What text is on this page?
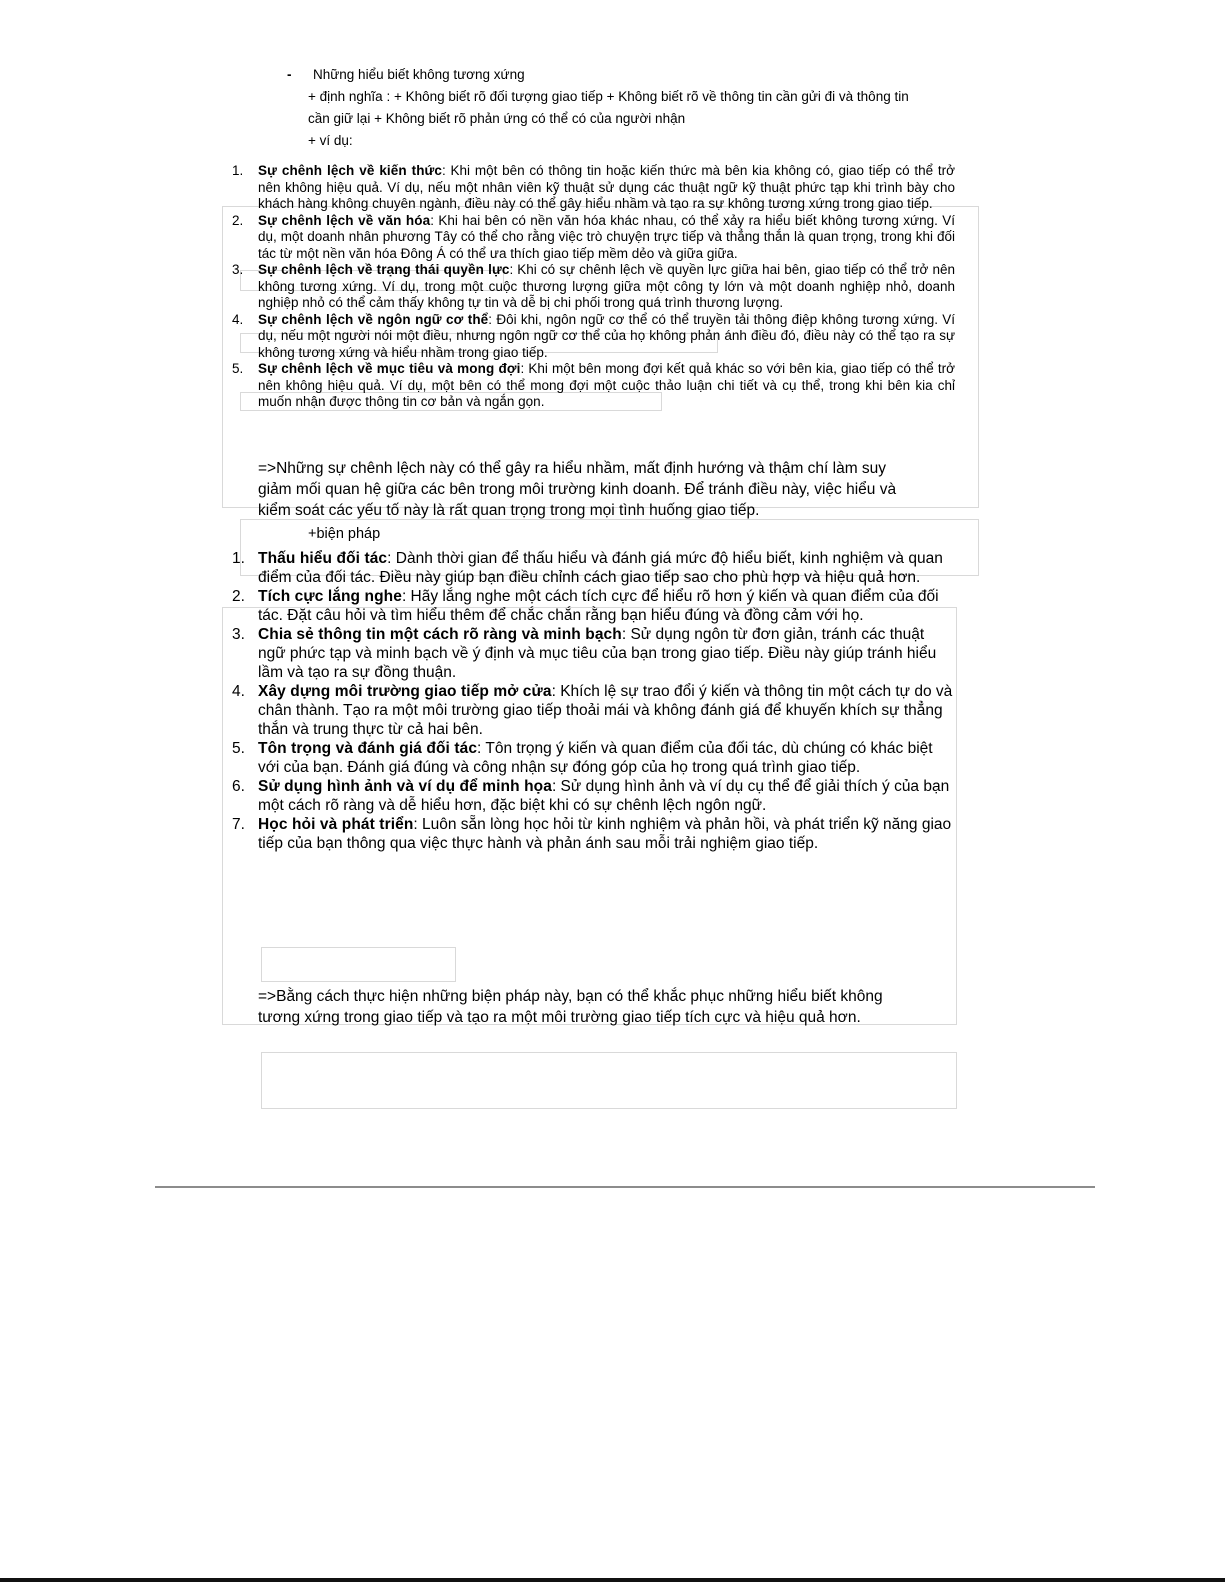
-	Những hiểu biết không tương xứng
+ định nghĩa : + Không biết rõ đối tượng giao tiếp + Không biết rõ về thông tin cần gửi đi và thông tin cần giữ lại + Không biết rõ phản ứng có thể có của người nhận
+ ví dụ:
1. Sự chênh lệch về kiến thức: Khi một bên có thông tin hoặc kiến thức mà bên kia không có, giao tiếp có thể trở nên không hiệu quả. Ví dụ, nếu một nhân viên kỹ thuật sử dụng các thuật ngữ kỹ thuật phức tạp khi trình bày cho khách hàng không chuyên ngành, điều này có thể gây hiểu nhầm và tạo ra sự không tương xứng trong giao tiếp.
2. Sự chênh lệch về văn hóa: Khi hai bên có nền văn hóa khác nhau, có thể xảy ra hiểu biết không tương xứng. Ví dụ, một doanh nhân phương Tây có thể cho rằng việc trò chuyện trực tiếp và thẳng thắn là quan trọng, trong khi đối tác từ một nền văn hóa Đông Á có thể ưa thích giao tiếp mềm dẻo và giữa giữa.
3. Sự chênh lệch về trạng thái quyền lực: Khi có sự chênh lệch về quyền lực giữa hai bên, giao tiếp có thể trở nên không tương xứng. Ví dụ, trong một cuộc thương lượng giữa một công ty lớn và một doanh nghiệp nhỏ, doanh nghiệp nhỏ có thể cảm thấy không tự tin và dễ bị chi phối trong quá trình thương lượng.
4. Sự chênh lệch về ngôn ngữ cơ thể: Đôi khi, ngôn ngữ cơ thể có thể truyền tải thông điệp không tương xứng. Ví dụ, nếu một người nói một điều, nhưng ngôn ngữ cơ thể của họ không phản ánh điều đó, điều này có thể tạo ra sự không tương xứng và hiểu nhầm trong giao tiếp.
5. Sự chênh lệch về mục tiêu và mong đợi: Khi một bên mong đợi kết quả khác so với bên kia, giao tiếp có thể trở nên không hiệu quả. Ví dụ, một bên có thể mong đợi một cuộc thảo luận chi tiết và cụ thể, trong khi bên kia chỉ muốn nhận được thông tin cơ bản và ngắn gọn.
=>Những sự chênh lệch này có thể gây ra hiểu nhầm, mất định hướng và thậm chí làm suy giảm mối quan hệ giữa các bên trong môi trường kinh doanh. Để tránh điều này, việc hiểu và kiểm soát các yếu tố này là rất quan trọng trong mọi tình huống giao tiếp.
+biện pháp
1. Thấu hiểu đối tác: Dành thời gian để thấu hiểu và đánh giá mức độ hiểu biết, kinh nghiệm và quan điểm của đối tác. Điều này giúp bạn điều chỉnh cách giao tiếp sao cho phù hợp và hiệu quả hơn.
2. Tích cực lắng nghe: Hãy lắng nghe một cách tích cực để hiểu rõ hơn ý kiến và quan điểm của đối tác. Đặt câu hỏi và tìm hiểu thêm để chắc chắn rằng bạn hiểu đúng và đồng cảm với họ.
3. Chia sẻ thông tin một cách rõ ràng và minh bạch: Sử dụng ngôn từ đơn giản, tránh các thuật ngữ phức tạp và minh bạch về ý định và mục tiêu của bạn trong giao tiếp. Điều này giúp tránh hiểu lầm và tạo ra sự đồng thuận.
4. Xây dựng môi trường giao tiếp mở cửa: Khích lệ sự trao đổi ý kiến và thông tin một cách tự do và chân thành. Tạo ra một môi trường giao tiếp thoải mái và không đánh giá để khuyến khích sự thẳng thắn và trung thực từ cả hai bên.
5. Tôn trọng và đánh giá đối tác: Tôn trọng ý kiến và quan điểm của đối tác, dù chúng có khác biệt với của bạn. Đánh giá đúng và công nhận sự đóng góp của họ trong quá trình giao tiếp.
6. Sử dụng hình ảnh và ví dụ để minh họa: Sử dụng hình ảnh và ví dụ cụ thể để giải thích ý của bạn một cách rõ ràng và dễ hiểu hơn, đặc biệt khi có sự chênh lệch ngôn ngữ.
7. Học hỏi và phát triển: Luôn sẵn lòng học hỏi từ kinh nghiệm và phản hồi, và phát triển kỹ năng giao tiếp của bạn thông qua việc thực hành và phản ánh sau mỗi trải nghiệm giao tiếp.
=>Bằng cách thực hiện những biện pháp này, bạn có thể khắc phục những hiểu biết không tương xứng trong giao tiếp và tạo ra một môi trường giao tiếp tích cực và hiệu quả hơn.
